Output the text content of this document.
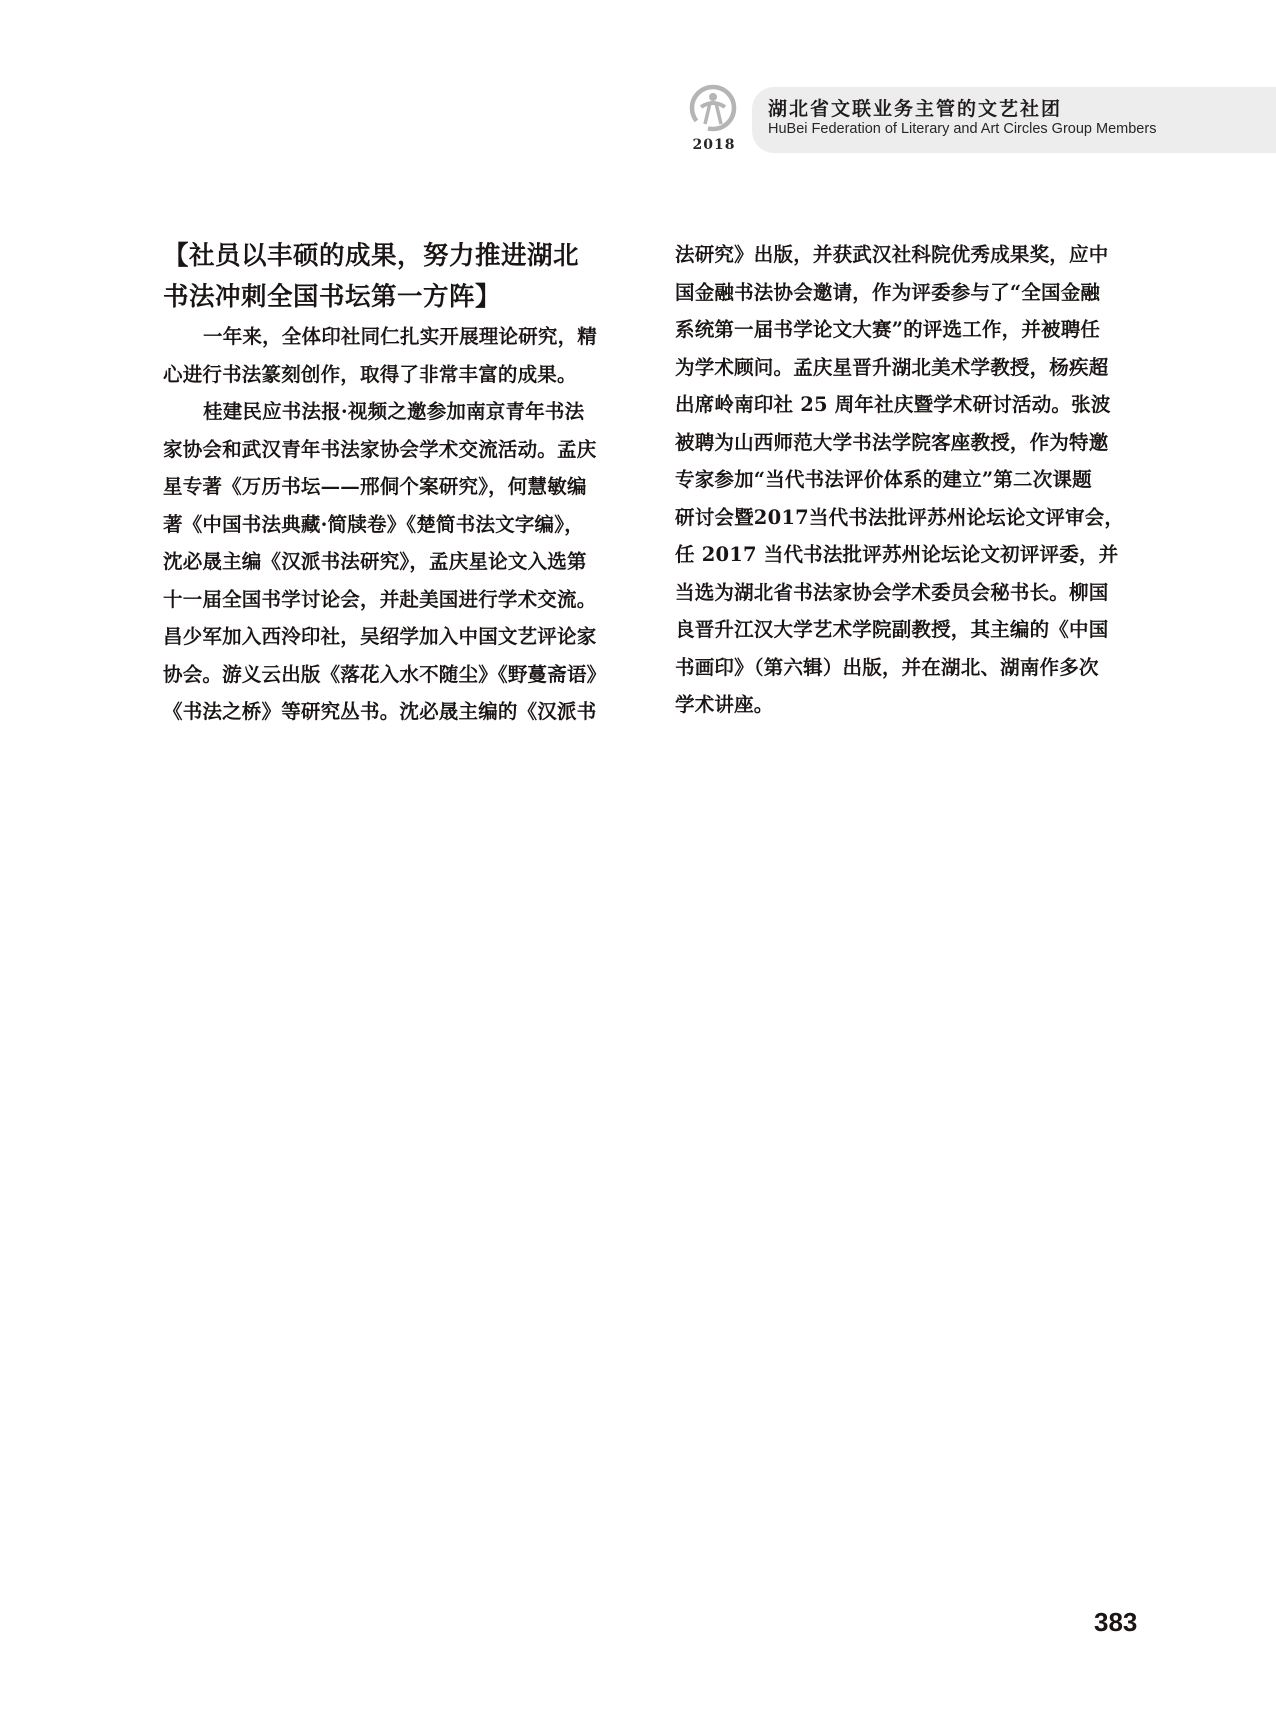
2018
湖北省文联业务主管的文艺社团
HuBei Federation of Literary and Art Circles Group Members
【社员以丰硕的成果，努力推进湖北
书法冲刺全国书坛第一方阵】
一年来，全体印社同仁扎实开展理论研究，精
心进行书法篆刻创作，取得了非常丰富的成果。
桂建民应书法报·视频之邀参加南京青年书法
家协会和武汉青年书法家协会学术交流活动。孟庆
星专著《万历书坛——邢侗个案研究》，何慧敏编
著《中国书法典藏·简牍卷》《楚简书法文字编》，
沈必晟主编《汉派书法研究》，孟庆星论文入选第
十一届全国书学讨论会，并赴美国进行学术交流。
昌少军加入西泠印社，吴绍学加入中国文艺评论家
协会。游义云出版《落花入水不随尘》《野蔓斋语》
《书法之桥》等研究丛书。沈必晟主编的《汉派书
法研究》出版，并获武汉社科院优秀成果奖，应中
国金融书法协会邀请，作为评委参与了“全国金融
系统第一届书学论文大赛”的评选工作，并被聘任
为学术顾问。孟庆星晋升湖北美术学教授，杨疾超
出席岭南印社 25 周年社庆暨学术研讨活动。张波
被聘为山西师范大学书法学院客座教授，作为特邀
专家参加“当代书法评价体系的建立”第二次课题
研讨会暨2017当代书法批评苏州论坛论文评审会，
任 2017 当代书法批评苏州论坛论文初评评委，并
当选为湖北省书法家协会学术委员会秘书长。柳国
良晋升江汉大学艺术学院副教授，其主编的《中国
书画印》（第六辑）出版，并在湖北、湖南作多次
学术讲座。
383
